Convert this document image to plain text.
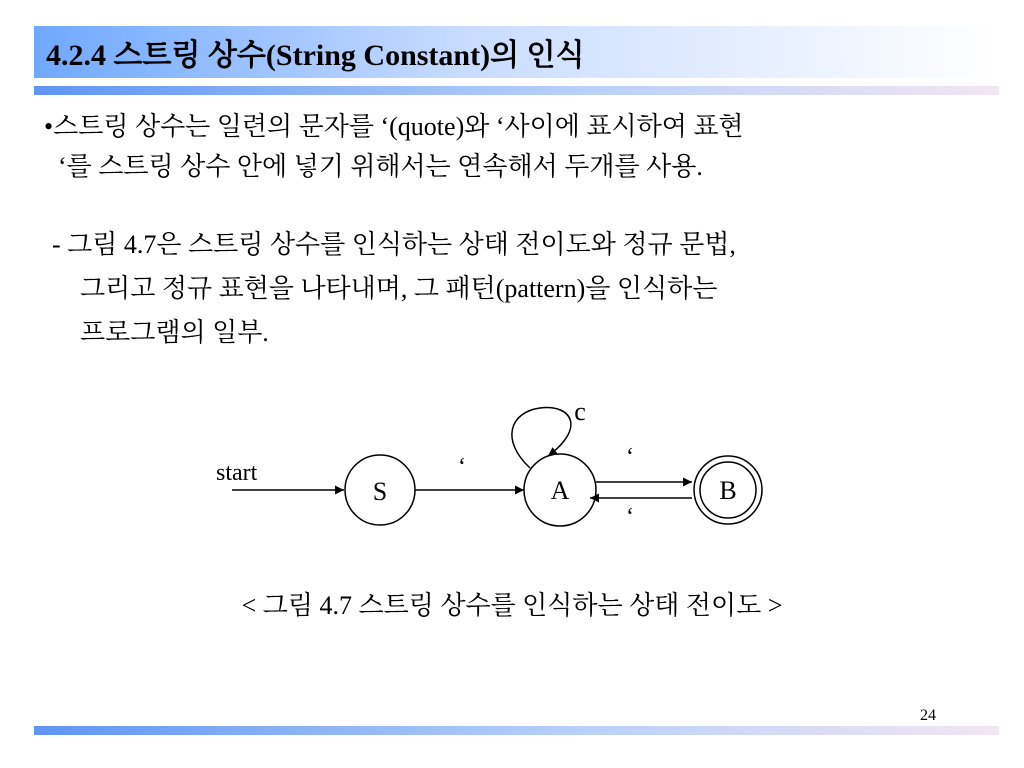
4.2.4 스트링 상수(String Constant)의 인식
•스트링 상수는 일련의 문자를 ‘(quote)와 ‘사이에 표시하여 표현
‘를 스트링 상수 안에 넣기 위해서는 연속해서 두개를 사용.
- 그림 4.7은 스트링 상수를 인식하는 상태 전이도와 정규 문법,
그리고 정규 표현을 나타내며, 그 패턴(pattern)을 인식하는
프로그램의 일부.
start
S
‘
A
c
‘
‘
B
< 그림 4.7 스트링 상수를 인식하는 상태 전이도 >
24
